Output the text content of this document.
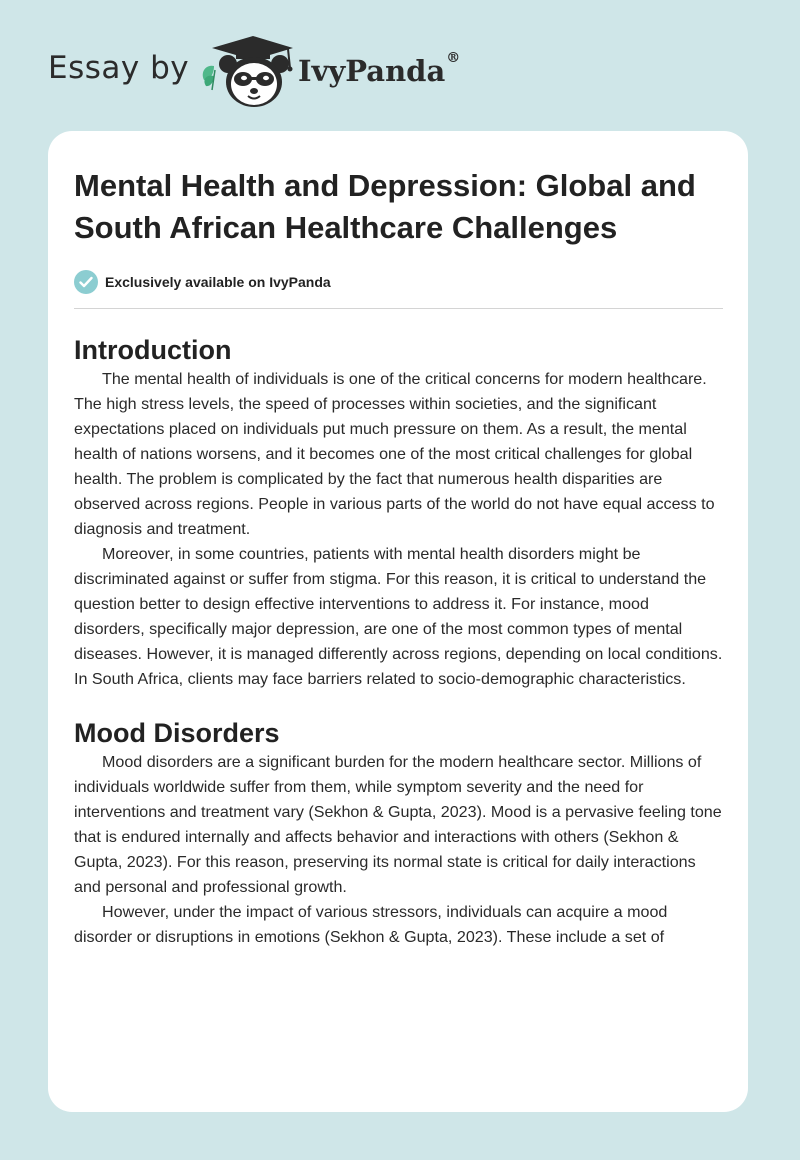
Essay by	IvyPanda®
Mental Health and Depression: Global and South African Healthcare Challenges
Exclusively available on IvyPanda
Introduction

The mental health of individuals is one of the critical concerns for modern healthcare. The high stress levels, the speed of processes within societies, and the significant expectations placed on individuals put much pressure on them. As a result, the mental health of nations worsens, and it becomes one of the most critical challenges for global health. The problem is complicated by the fact that numerous health disparities are observed across regions. People in various parts of the world do not have equal access to diagnosis and treatment.

Moreover, in some countries, patients with mental health disorders might be discriminated against or suffer from stigma. For this reason, it is critical to understand the question better to design effective interventions to address it. For instance, mood disorders, specifically major depression, are one of the most common types of mental diseases. However, it is managed differently across regions, depending on local conditions. In South Africa, clients may face barriers related to socio-demographic characteristics.

Mood Disorders

Mood disorders are a significant burden for the modern healthcare sector. Millions of individuals worldwide suffer from them, while symptom severity and the need for interventions and treatment vary (Sekhon & Gupta, 2023). Mood is a pervasive feeling tone that is endured internally and affects behavior and interactions with others (Sekhon & Gupta, 2023). For this reason, preserving its normal state is critical for daily interactions and personal and professional growth.

However, under the impact of various stressors, individuals can acquire a mood disorder or disruptions in emotions (Sekhon & Gupta, 2023). These include a set of
